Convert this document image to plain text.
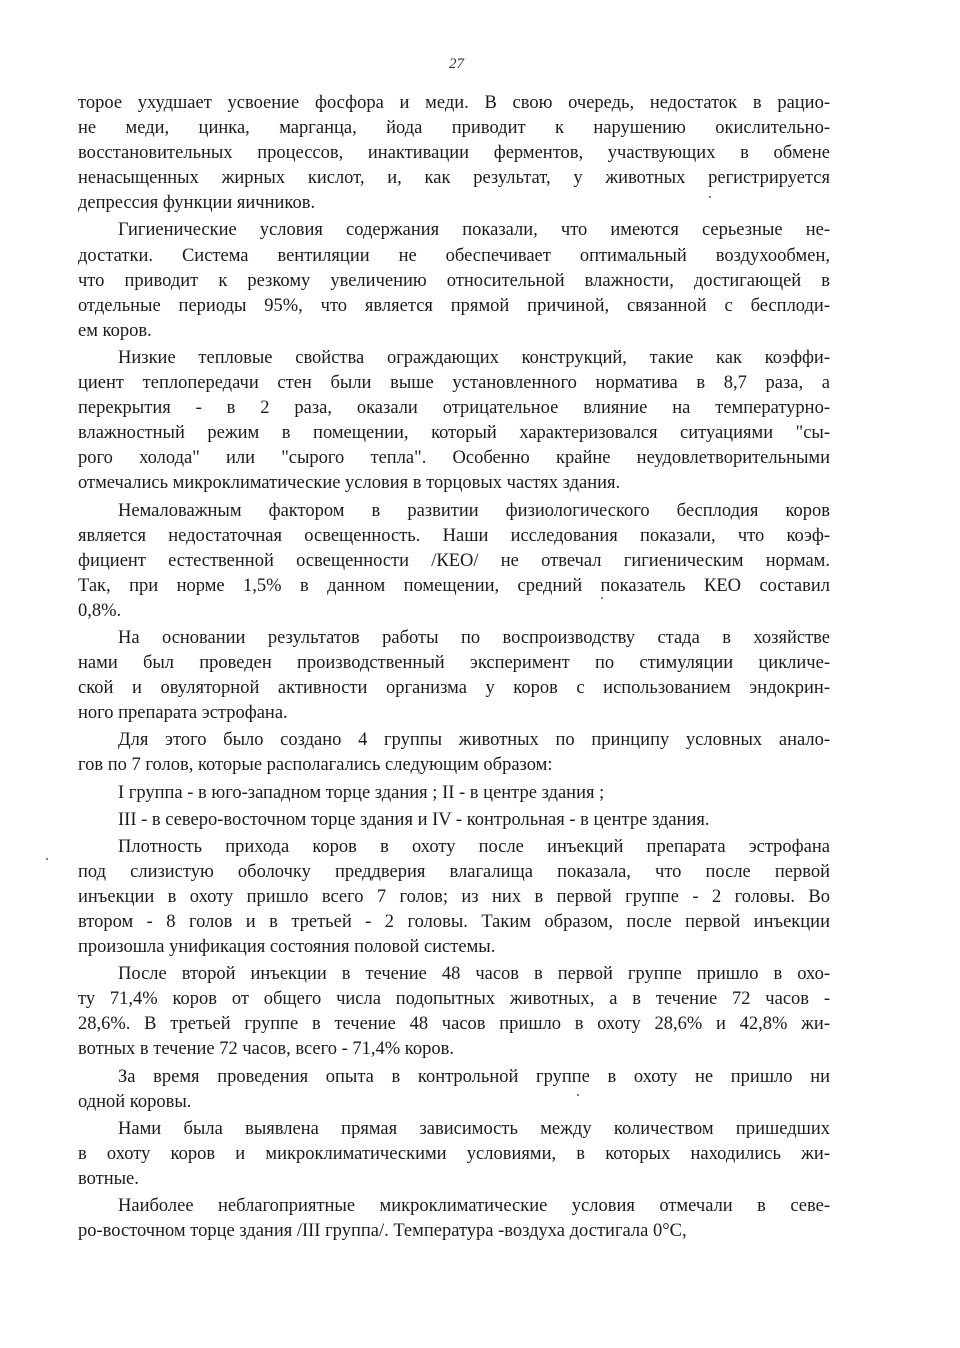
27
торое ухудшает усвоение фосфора и меди. В свою очередь, недостаток в рацио-
не меди, цинка, марганца, йода приводит к нарушению окислительно-
восстановительных процессов, инактивации ферментов, участвующих в обмене
ненасыщенных жирных кислот, и, как результат, у животных регистрируется
депрессия функции яичников.
Гигиенические условия содержания показали, что имеются серьезные не-
достатки. Система вентиляции не обеспечивает оптимальный воздухообмен,
что приводит к резкому увеличению относительной влажности, достигающей в
отдельные периоды 95%, что является прямой причиной, связанной с бесплоди-
ем коров.
Низкие тепловые свойства ограждающих конструкций, такие как коэффи-
циент теплопередачи стен были выше установленного норматива в 8,7 раза, а
перекрытия - в 2 раза, оказали отрицательное влияние на температурно-
влажностный режим в помещении, который характеризовался ситуациями "сы-
рого холода" или "сырого тепла". Особенно крайне неудовлетворительными
отмечались микроклиматические условия в торцовых частях здания.
Немаловажным фактором в развитии физиологического бесплодия коров
является недостаточная освещенность. Наши исследования показали, что коэф-
фициент естественной освещенности /КЕО/ не отвечал гигиеническим нормам.
Так, при норме 1,5% в данном помещении, средний показатель КЕО составил
0,8%.
На основании результатов работы по воспроизводству стада в хозяйстве
нами был проведен производственный эксперимент по стимуляции цикличе-
ской и овуляторной активности организма у коров с использованием эндокрин-
ного препарата эстрофана.
Для этого было создано 4 группы животных по принципу условных анало-
гов по 7 голов, которые располагались следующим образом:
I группа - в юго-западном торце здания ; II - в центре здания ;
III - в северо-восточном торце здания и IV - контрольная - в центре здания.
Плотность прихода коров в охоту после инъекций препарата эстрофана
под слизистую оболочку преддверия влагалища показала, что после первой
инъекции в охоту пришло всего 7 голов; из них в первой группе - 2 головы. Во
втором - 8 голов и в третьей - 2 головы. Таким образом, после первой инъекции
произошла унификация состояния половой системы.
После второй инъекции в течение 48 часов в первой группе пришло в охо-
ту 71,4% коров от общего числа подопытных животных, а в течение 72 часов -
28,6%. В третьей группе в течение 48 часов пришло в охоту 28,6% и 42,8% жи-
вотных в течение 72 часов, всего - 71,4% коров.
За время проведения опыта в контрольной группе в охоту не пришло ни
одной коровы.
Нами была выявлена прямая зависимость между количеством пришедших
в охоту коров и микроклиматическими условиями, в которых находились жи-
вотные.
Наиболее неблагоприятные микроклиматические условия отмечали в севе-
ро-восточном торце здания /III группа/. Температура -воздуха достигала 0°С,
